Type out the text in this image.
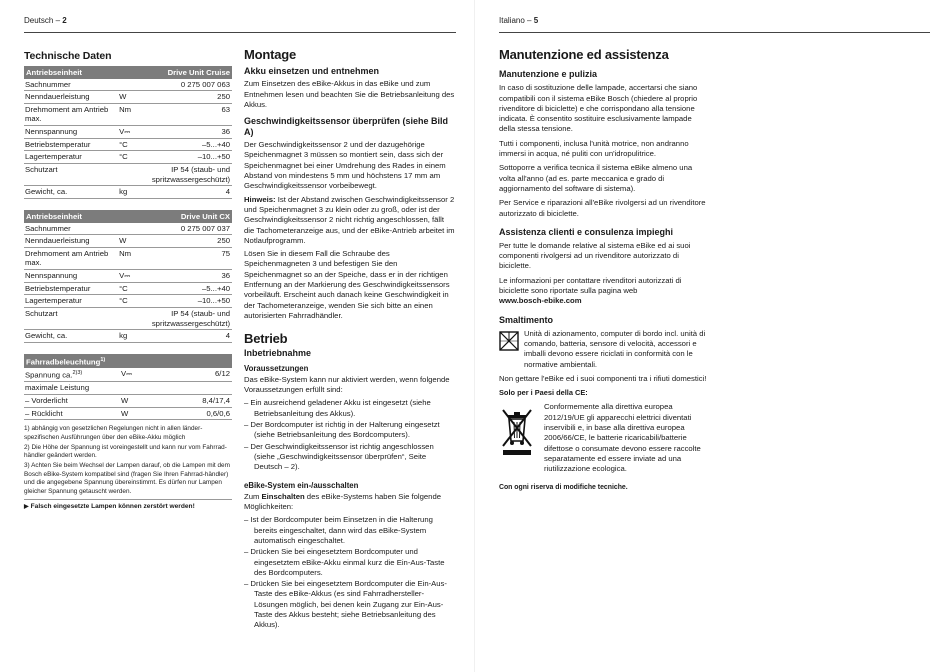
Deutsch – 2
Technische Daten
Antriebseinheit		Drive Unit Cruise
Sachnummer		0 275 007 063
Nenndauerleistung	W	250
Drehmoment am Antrieb max.	Nm	63
Nennspannung	V⎓	36
Betriebstemperatur	°C	–5...+40
Lagertemperatur	°C	–10...+50
Schutzart		IP 54 (staub- und spritzwassergeschützt)
Gewicht, ca.	kg	4
Antriebseinheit		Drive Unit CX
Sachnummer		0 275 007 037
Nenndauerleistung	W	250
Drehmoment am Antrieb max.	Nm	75
Nennspannung	V⎓	36
Betriebstemperatur	°C	–5...+40
Lagertemperatur	°C	–10...+50
Schutzart		IP 54 (staub- und spritzwassergeschützt)
Gewicht, ca.	kg	4
Fahrradbeleuchtung$^{1)}$
Spannung ca.$^{2)3)}$	V⎓	6/12
maximale Leistung		
– Vorderlicht	W	8,4/17,4
– Rücklicht	W	0,6/0,6
1) abhängig von gesetzlichen Regelungen nicht in allen länder-spezifischen Ausführungen über den eBike-Akku möglich
2) Die Höhe der Spannung ist voreingestellt und kann nur vom Fahrrad-händler geändert werden.
3) Achten Sie beim Wechsel der Lampen darauf, ob die Lampen mit dem Bosch eBike-System kompatibel sind (fragen Sie Ihren Fahrrad-händler) und die angegebene Spannung übereinstimmt. Es dürfen nur Lampen gleicher Spannung getauscht werden.
▶ Falsch eingesetzte Lampen können zerstört werden!
Montage
Akku einsetzen und entnehmen
Zum Einsetzen des eBike-Akkus in das eBike und zum Entnehmen lesen und beachten Sie die Betriebsanleitung des Akkus.
Geschwindigkeitssensor überprüfen (siehe Bild A)
Der Geschwindigkeitssensor 2 und der dazugehörige Speichenmagnet 3 müssen so montiert sein, dass sich der Speichenmagnet bei einer Umdrehung des Rades in einem Abstand von mindestens 5 mm und höchstens 17 mm am Geschwindigkeitssensor vorbeibewegt.
Hinweis: Ist der Abstand zwischen Geschwindigkeitssensor 2 und Speichenmagnet 3 zu klein oder zu groß, oder ist der Geschwindigkeitssensor 2 nicht richtig angeschlossen, fällt die Tachometeranzeige aus, und der eBike-Antrieb arbeitet im Notlaufprogramm.
Lösen Sie in diesem Fall die Schraube des Speichenmagneten 3 und befestigen Sie den Speichenmagnet so an der Speiche, dass er in der richtigen Entfernung an der Markierung des Geschwindigkeitssensors vorbeiläuft. Erscheint auch danach keine Geschwindigkeit in der Tachometeranzeige, wenden Sie sich bitte an einen autorisierten Fahrradhändler.
Betrieb
Inbetriebnahme
Voraussetzungen
Das eBike-System kann nur aktiviert werden, wenn folgende Voraussetzungen erfüllt sind:
– Ein ausreichend geladener Akku ist eingesetzt (siehe Betriebsanleitung des Akkus).
– Der Bordcomputer ist richtig in der Halterung eingesetzt (siehe Betriebsanleitung des Bordcomputers).
– Der Geschwindigkeitssensor ist richtig angeschlossen (siehe „Geschwindigkeitssensor überprüfen“, Seite Deutsch – 2).
eBike-System ein-/ausschalten
Zum Einschalten des eBike-Systems haben Sie folgende Möglichkeiten:
– Ist der Bordcomputer beim Einsetzen in die Halterung bereits eingeschaltet, dann wird das eBike-System automatisch eingeschaltet.
– Drücken Sie bei eingesetztem Bordcomputer und eingesetztem eBike-Akku einmal kurz die Ein-Aus-Taste des Bordcomputers.
– Drücken Sie bei eingesetztem Bordcomputer die Ein-Aus-Taste des eBike-Akkus (es sind Fahrradhersteller-Lösungen möglich, bei denen kein Zugang zur Ein-Aus-Taste des Akkus besteht; siehe Betriebsanleitung des Akkus).
Italiano – 5
Manutenzione ed assistenza
Manutenzione e pulizia
In caso di sostituzione delle lampade, accertarsi che siano compatibili con il sistema eBike Bosch (chiedere al proprio rivenditore di biciclette) e che corrispondano alla tensione indicata. È consentito sostituire esclusivamente lampade della stessa tensione.
Tutti i componenti, inclusa l'unità motrice, non andranno immersi in acqua, né puliti con un'idropulitrice.
Sottoporre a verifica tecnica il sistema eBike almeno una volta all'anno (ad es. parte meccanica e grado di aggiornamento del software di sistema).
Per Service e riparazioni all'eBike rivolgersi ad un rivenditore autorizzato di biciclette.
Assistenza clienti e consulenza impieghi
Per tutte le domande relative al sistema eBike ed ai suoi componenti rivolgersi ad un rivenditore autorizzato di biciclette.
Le informazioni per contattare rivenditori autorizzati di biciclette sono riportate sulla pagina web
www.bosch-ebike.com
Smaltimento
Unità di azionamento, computer di bordo incl. unità di comando, batteria, sensore di velocità, accessori e imballi devono essere riciclati in conformità con le normative ambientali.
Non gettare l'eBike ed i suoi componenti tra i rifiuti domestici!
Solo per i Paesi della CE:
Conformemente alla direttiva europea 2012/19/UE gli apparecchi elettrici diventati inservibili e, in base alla direttiva europea 2006/66/CE, le batterie ricaricabili/batterie difettose o consumate devono essere raccolte separatamente ed essere inviate ad una riutilizzazione ecologica.
Con ogni riserva di modifiche tecniche.
